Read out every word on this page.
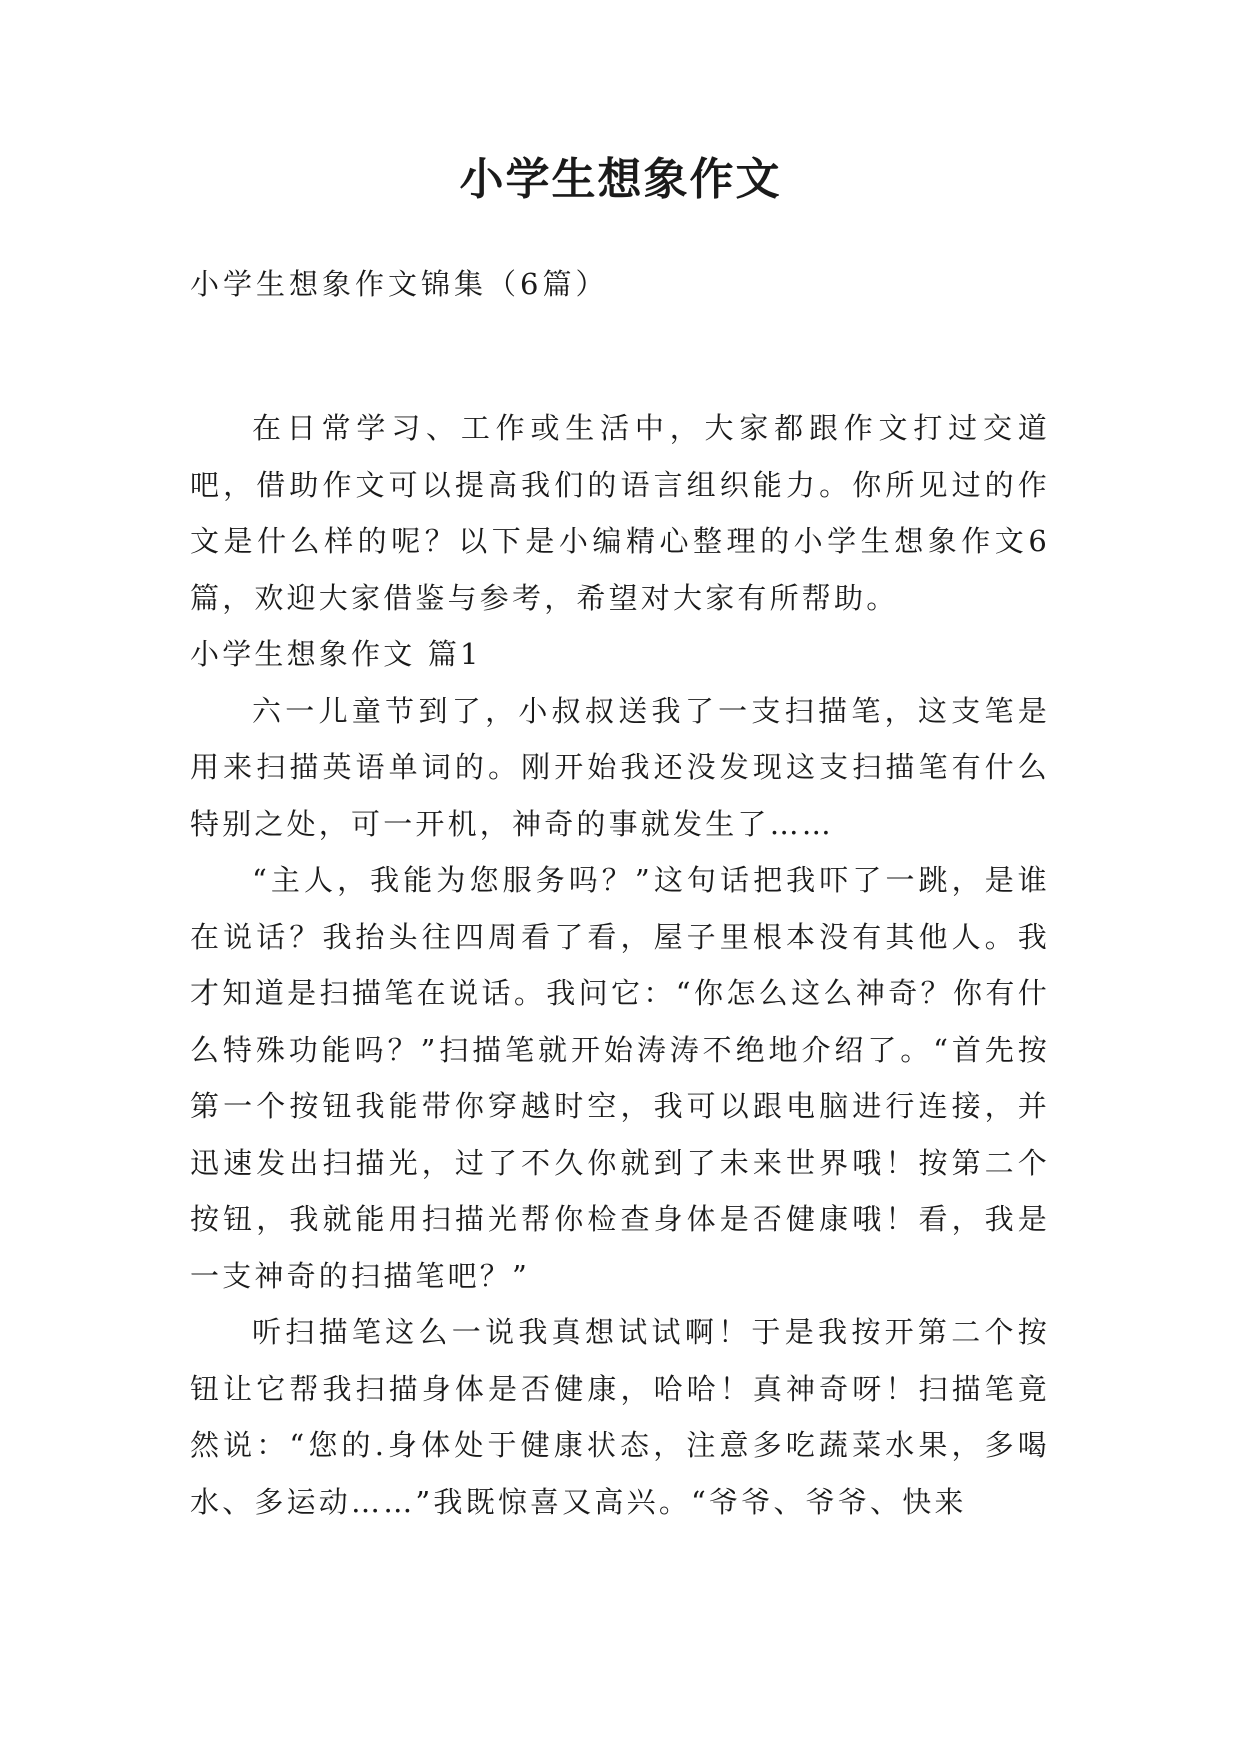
小学生想象作文

小学生想象作文锦集（6篇）

在日常学习、工作或生活中，大家都跟作文打过交道吧，借助作文可以提高我们的语言组织能力。你所见过的作文是什么样的呢？以下是小编精心整理的小学生想象作文6篇，欢迎大家借鉴与参考，希望对大家有所帮助。

小学生想象作文 篇1

六一儿童节到了，小叔叔送我了一支扫描笔，这支笔是用来扫描英语单词的。刚开始我还没发现这支扫描笔有什么特别之处，可一开机，神奇的事就发生了……

“主人，我能为您服务吗？”这句话把我吓了一跳，是谁在说话？我抬头往四周看了看，屋子里根本没有其他人。我才知道是扫描笔在说话。我问它：“你怎么这么神奇？你有什么特殊功能吗？”扫描笔就开始涛涛不绝地介绍了。“首先按第一个按钮我能带你穿越时空，我可以跟电脑进行连接，并迅速发出扫描光，过了不久你就到了未来世界哦！按第二个按钮，我就能用扫描光帮你检查身体是否健康哦！看，我是一支神奇的扫描笔吧？”

听扫描笔这么一说我真想试试啊！于是我按开第二个按钮让它帮我扫描身体是否健康，哈哈！真神奇呀！扫描笔竟然说：“您的.身体处于健康状态，注意多吃蔬菜水果，多喝水、多运动……”我既惊喜又高兴。“爷爷、爷爷、快来
